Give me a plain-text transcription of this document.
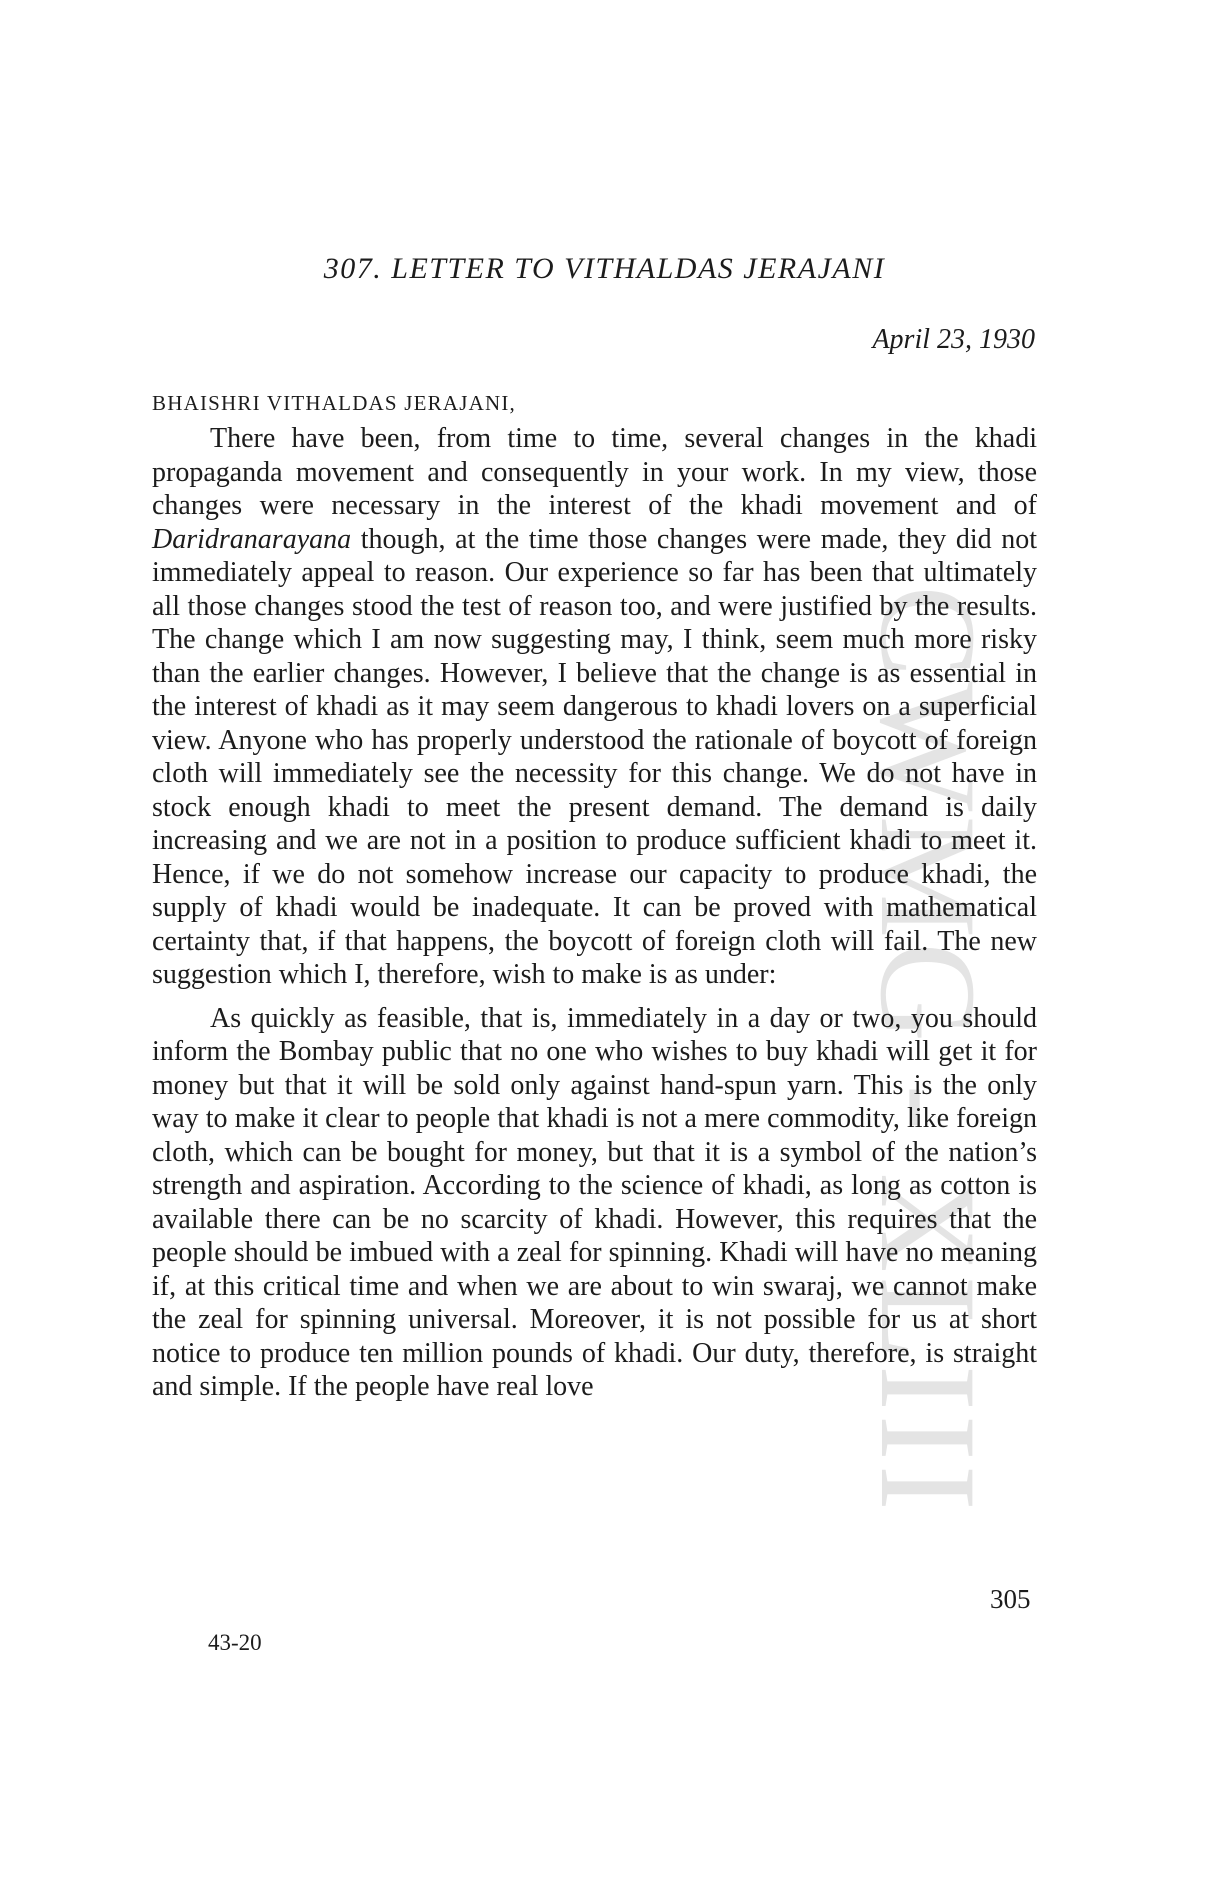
CWMG - XLIII
307. LETTER TO VITHALDAS JERAJANI
April 23, 1930
BHAISHRI VITHALDAS JERAJANI,

There have been, from time to time, several changes in the khadi propaganda movement and consequently in your work. In my view, those changes were necessary in the interest of the khadi movement and of Daridranarayana though, at the time those changes were made, they did not immediately appeal to reason. Our experience so far has been that ultimately all those changes stood the test of reason too, and were justified by the results. The change which I am now suggesting may, I think, seem much more risky than the earlier changes. However, I believe that the change is as essential in the interest of khadi as it may seem dangerous to khadi lovers on a superficial view. Anyone who has properly understood the rationale of boycott of foreign cloth will immediately see the necessity for this change. We do not have in stock enough khadi to meet the present demand. The demand is daily increasing and we are not in a position to produce sufficient khadi to meet it. Hence, if we do not somehow increase our capacity to produce khadi, the supply of khadi would be inadequate. It can be proved with mathematical certainty that, if that happens, the boycott of foreign cloth will fail. The new suggestion which I, therefore, wish to make is as under:

As quickly as feasible, that is, immediately in a day or two, you should inform the Bombay public that no one who wishes to buy khadi will get it for money but that it will be sold only against hand-spun yarn. This is the only way to make it clear to people that khadi is not a mere commodity, like foreign cloth, which can be bought for money, but that it is a symbol of the nation’s strength and aspiration. According to the science of khadi, as long as cotton is available there can be no scarcity of khadi. However, this requires that the people should be imbued with a zeal for spinning. Khadi will have no meaning if, at this critical time and when we are about to win swaraj, we cannot make the zeal for spinning universal. Moreover, it is not possible for us at short notice to produce ten million pounds of khadi. Our duty, therefore, is straight and simple. If the people have real love

305
43-20
